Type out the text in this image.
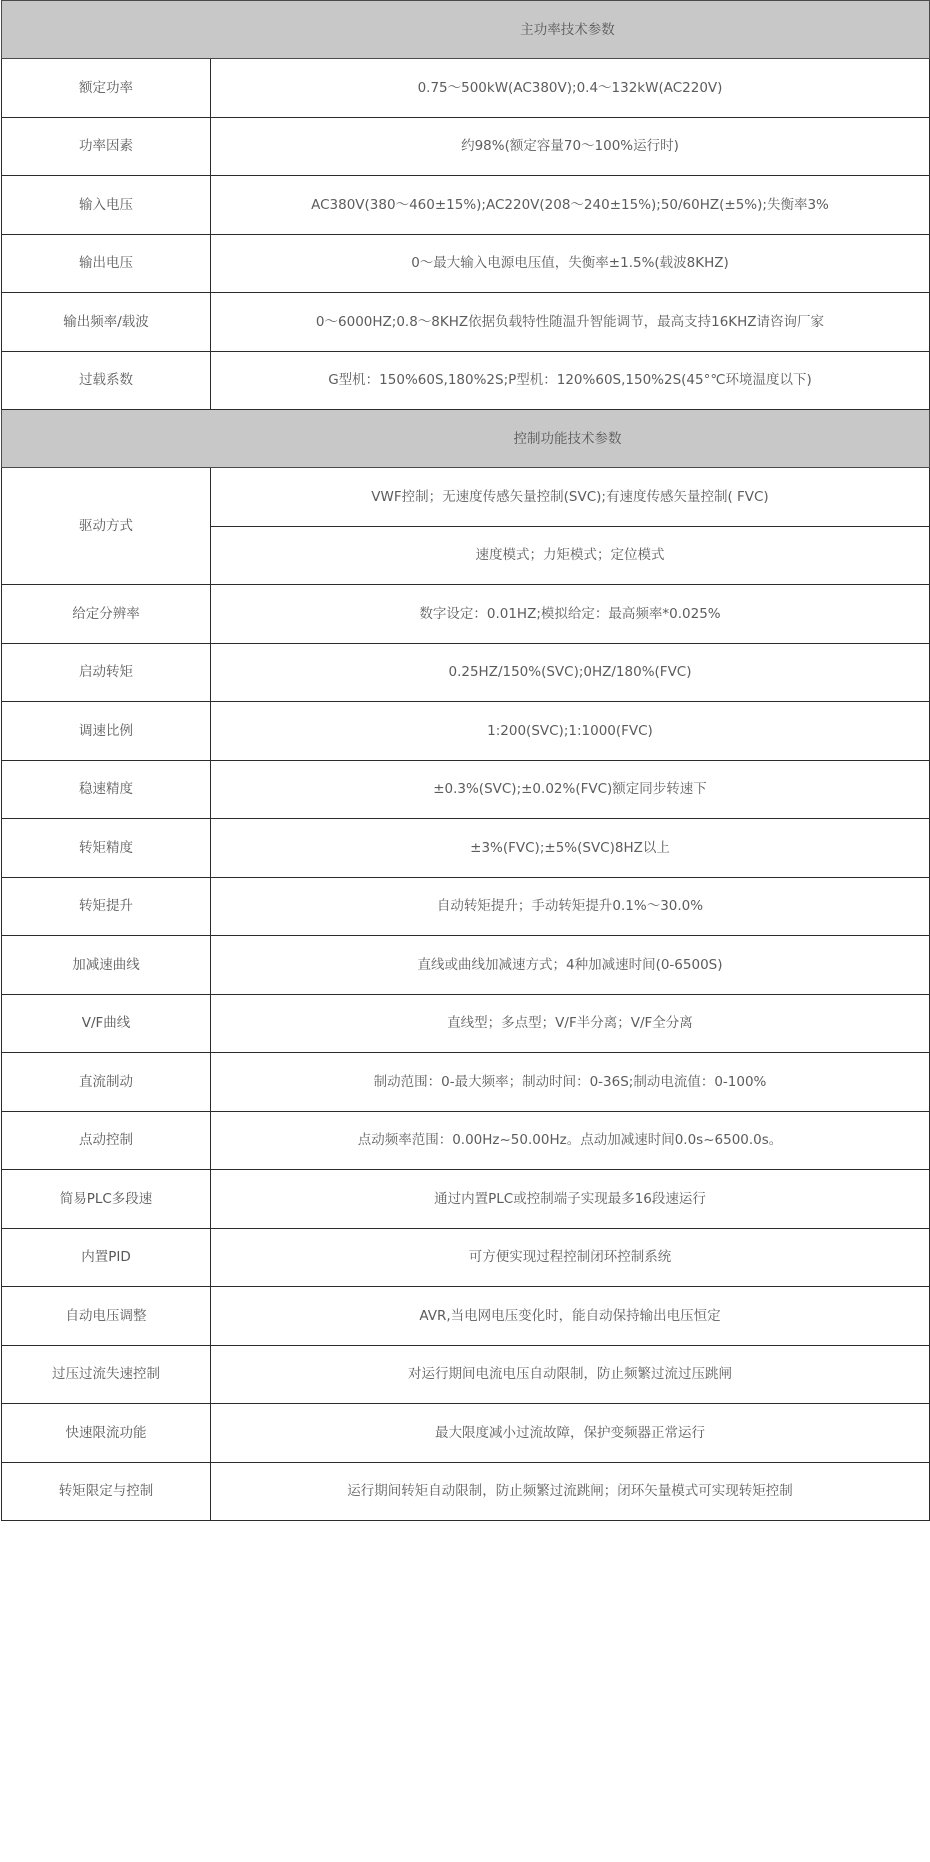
主功率技术参数	
额定功率	0.75～500kW(AC380V);0.4～132kW(AC220V)
功率因素	约98%(额定容量70～100%运行时)
输入电压	AC380V(380～460±15%);AC220V(208～240±15%);50/60HZ(±5%);失衡率3%
输出电压	0～最大输入电源电压值，失衡率±1.5%(载波8KHZ)
输出频率/载波	0～6000HZ;0.8～8KHZ依据负载特性随温升智能调节，最高支持16KHZ请咨询厂家
过载系数	G型机：150%60S,180%2S;P型机：120%60S,150%2S(45°℃环境温度以下)
控制功能技术参数	
驱动方式	VWF控制；无速度传感矢量控制(SVC);有速度传感矢量控制( FVC)
	速度模式；力矩模式；定位模式
给定分辨率	数字设定：0.01HZ;模拟给定：最高频率*0.025%
启动转矩	0.25HZ/150%(SVC);0HZ/180%(FVC)
调速比例	1:200(SVC);1:1000(FVC)
稳速精度	±0.3%(SVC);±0.02%(FVC)额定同步转速下
转矩精度	±3%(FVC);±5%(SVC)8HZ以上
转矩提升	自动转矩提升；手动转矩提升0.1%～30.0%
加减速曲线	直线或曲线加减速方式；4种加减速时间(0-6500S)
V/F曲线	直线型；多点型；V/F半分离；V/F全分离
直流制动	制动范围：0-最大频率；制动时间：0-36S;制动电流值：0-100%
点动控制	点动频率范围：0.00Hz~50.00Hz。点动加减速时间0.0s~6500.0s。
简易PLC多段速	通过内置PLC或控制端子实现最多16段速运行
内置PID	可方便实现过程控制闭环控制系统
自动电压调整	AVR,当电网电压变化时，能自动保持输出电压恒定
过压过流失速控制	对运行期间电流电压自动限制，防止频繁过流过压跳闸
快速限流功能	最大限度减小过流故障，保护变频器正常运行
转矩限定与控制	运行期间转矩自动限制，防止频繁过流跳闸；闭环矢量模式可实现转矩控制
